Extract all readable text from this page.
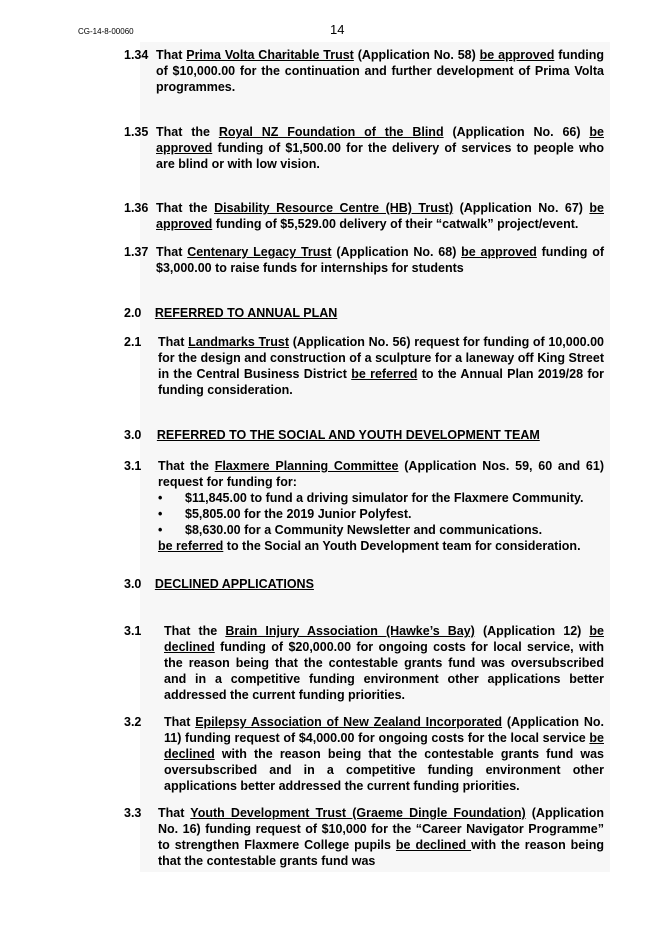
CG-14-8-00060	14
1.34 That Prima Volta Charitable Trust (Application No. 58) be approved funding of $10,000.00 for the continuation and further development of Prima Volta programmes.

1.35 That the Royal NZ Foundation of the Blind (Application No. 66) be approved funding of $1,500.00 for the delivery of services to people who are blind or with low vision.

1.36 That the Disability Resource Centre (HB) Trust) (Application No. 67) be approved funding of $5,529.00 delivery of their “catwalk” project/event.

1.37 That Centenary Legacy Trust (Application No. 68) be approved funding of $3,000.00 to raise funds for internships for students

2.0 REFERRED TO ANNUAL PLAN
2.1 That Landmarks Trust (Application No. 56) request for funding of 10,000.00 for the design and construction of a sculpture for a laneway off King Street in the Central Business District be referred to the Annual Plan 2019/28 for funding consideration.

3.0 REFERRED TO THE SOCIAL AND YOUTH DEVELOPMENT TEAM
3.1 That the Flaxmere Planning Committee (Application Nos. 59, 60 and 61) request for funding for:

• $11,845.00 to fund a driving simulator for the Flaxmere Community.
• $5,805.00 for the 2019 Junior Polyfest.
• $8,630.00 for a Community Newsletter and communications.

be referred to the Social an Youth Development team for consideration.

3.0 DECLINED APPLICATIONS
3.1 That the Brain Injury Association (Hawke’s Bay) (Application 12) be declined funding of $20,000.00 for ongoing costs for local service, with the reason being that the contestable grants fund was oversubscribed and in a competitive funding environment other applications better addressed the current funding priorities.

3.2 That Epilepsy Association of New Zealand Incorporated (Application No. 11) funding request of $4,000.00 for ongoing costs for the local service be declined with the reason being that the contestable grants fund was oversubscribed and in a competitive funding environment other applications better addressed the current funding priorities.

3.3 That Youth Development Trust (Graeme Dingle Foundation) (Application No. 16) funding request of $10,000 for the “Career Navigator Programme” to strengthen Flaxmere College pupils be declined with the reason being that the contestable grants fund was
